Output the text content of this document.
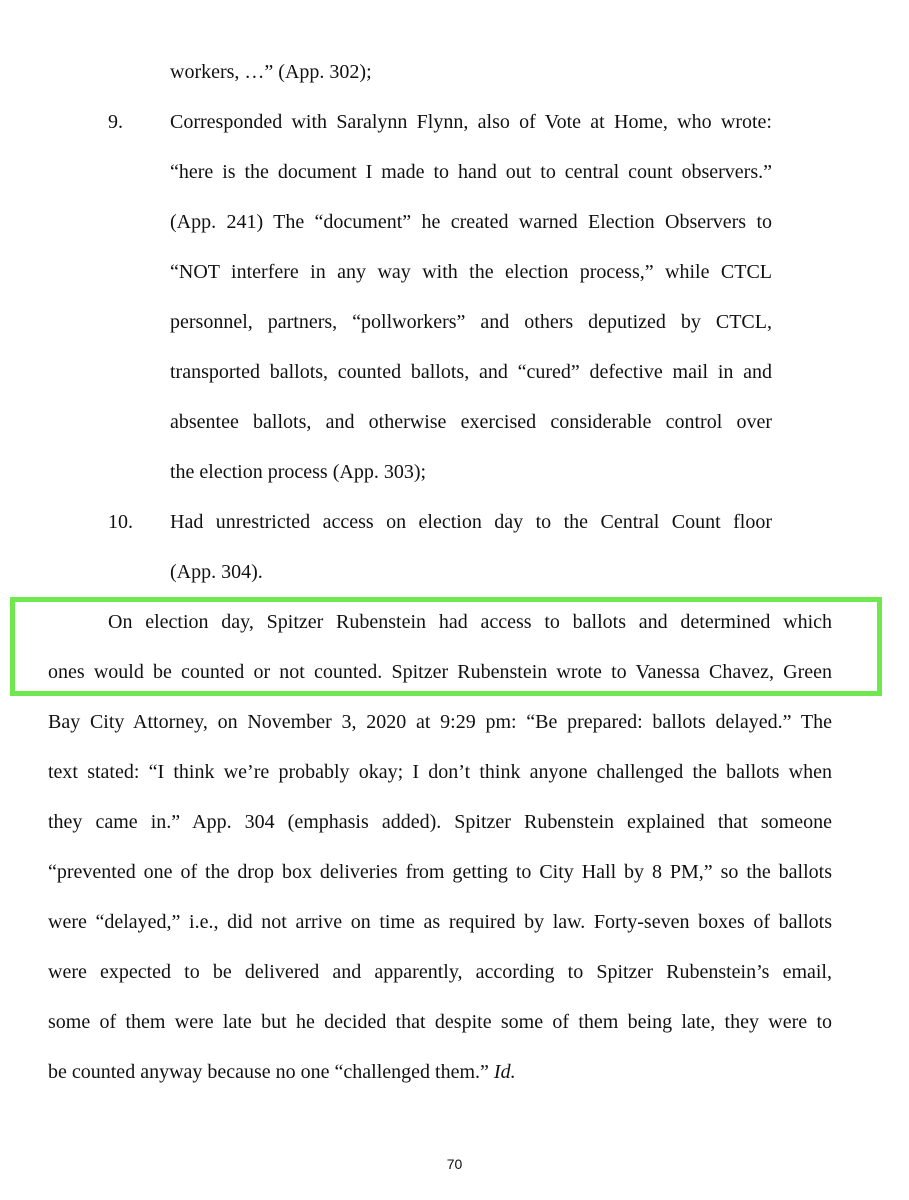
workers, …” (App. 302);
9. Corresponded with Saralynn Flynn, also of Vote at Home, who wrote:
“here is the document I made to hand out to central count observers.”
(App. 241) The “document” he created warned Election Observers to
“NOT interfere in any way with the election process,” while CTCL
personnel, partners, “pollworkers” and others deputized by CTCL,
transported ballots, counted ballots, and “cured” defective mail in and
absentee ballots, and otherwise exercised considerable control over
the election process (App. 303);
10. Had unrestricted access on election day to the Central Count floor
(App. 304).
On election day, Spitzer Rubenstein had access to ballots and determined which
ones would be counted or not counted. Spitzer Rubenstein wrote to Vanessa Chavez, Green
Bay City Attorney, on November 3, 2020 at 9:29 pm: “Be prepared: ballots delayed.” The
text stated: “I think we’re probably okay; I don’t think anyone challenged the ballots when
they came in.” App. 304 (emphasis added). Spitzer Rubenstein explained that someone
“prevented one of the drop box deliveries from getting to City Hall by 8 PM,” so the ballots
were “delayed,” i.e., did not arrive on time as required by law. Forty-seven boxes of ballots
were expected to be delivered and apparently, according to Spitzer Rubenstein’s email,
some of them were late but he decided that despite some of them being late, they were to
be counted anyway because no one “challenged them.” Id.
70
